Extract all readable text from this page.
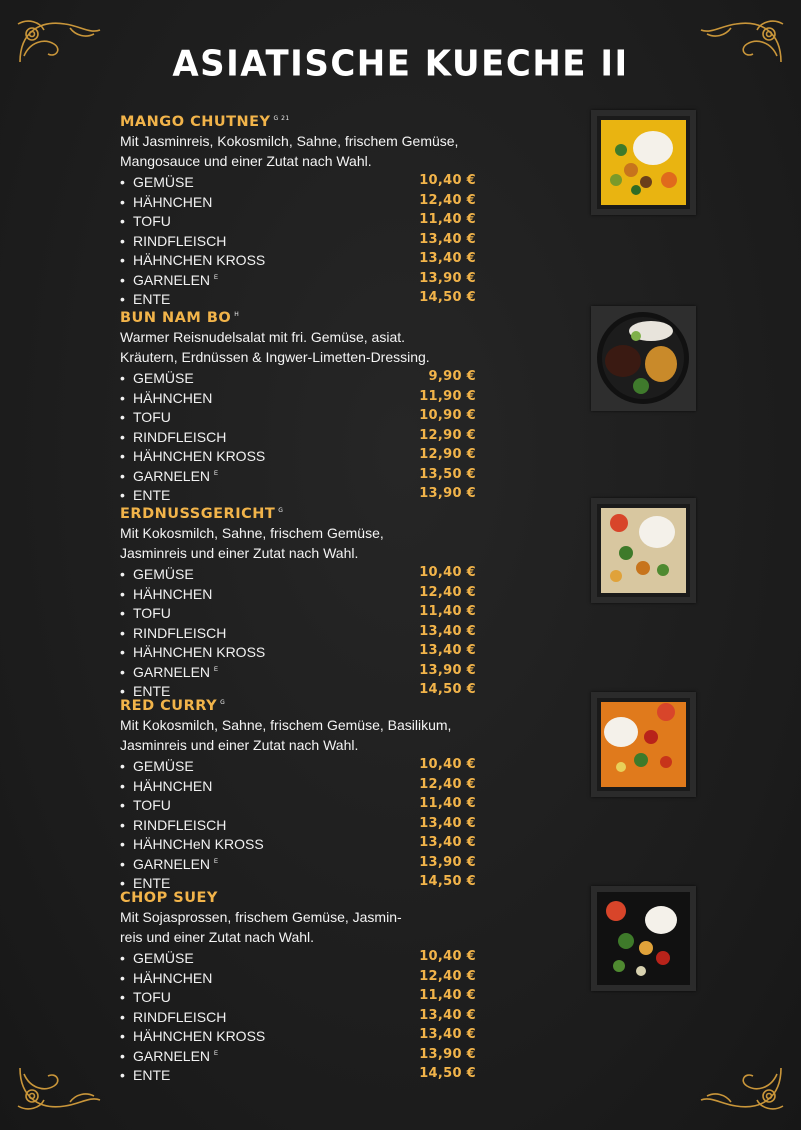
ASIATISCHE KUECHE II
MANGO CHUTNEY $^{G 21}$
Mit Jasminreis, Kokosmilch, Sahne, frischem Gemüse,
Mangosauce und einer Zutat nach Wahl.
• GEMÜSE	10,40 €
• HÄHNCHEN	12,40 €
• TOFU	11,40 €
• RINDFLEISCH	13,40 €
• HÄHNCHEN KROSS	13,40 €
• GARNELEN $^E$	13,90 €
• ENTE	14,50 €
BUN NAM BO $^H$
Warmer Reisnudelsalat mit fri. Gemüse, asiat.
Kräutern, Erdnüssen & Ingwer-Limetten-Dressing.
• GEMÜSE	9,90 €
• HÄHNCHEN	11,90 €
• TOFU	10,90 €
• RINDFLEISCH	12,90 €
• HÄHNCHEN KROSS	12,90 €
• GARNELEN $^E$	13,50 €
• ENTE	13,90 €
ERDNUSSGERICHT $^G$
Mit Kokosmilch, Sahne, frischem Gemüse,
Jasminreis und einer Zutat nach Wahl.
• GEMÜSE	10,40 €
• HÄHNCHEN	12,40 €
• TOFU	11,40 €
• RINDFLEISCH	13,40 €
• HÄHNCHEN KROSS	13,40 €
• GARNELEN $^E$	13,90 €
• ENTE	14,50 €
RED CURRY $^G$
Mit Kokosmilch, Sahne, frischem Gemüse, Basilikum,
Jasminreis und einer Zutat nach Wahl.
• GEMÜSE	10,40 €
• HÄHNCHEN	12,40 €
• TOFU	11,40 €
• RINDFLEISCH	13,40 €
• HÄHNCHeN KROSS	13,40 €
• GARNELEN $^E$	13,90 €
• ENTE	14,50 €
CHOP SUEY
Mit Sojasprossen, frischem Gemüse, Jasmin-
reis und einer Zutat nach Wahl.
• GEMÜSE	10,40 €
• HÄHNCHEN	12,40 €
• TOFU	11,40 €
• RINDFLEISCH	13,40 €
• HÄHNCHEN KROSS	13,40 €
• GARNELEN $^E$	13,90 €
• ENTE	14,50 €
